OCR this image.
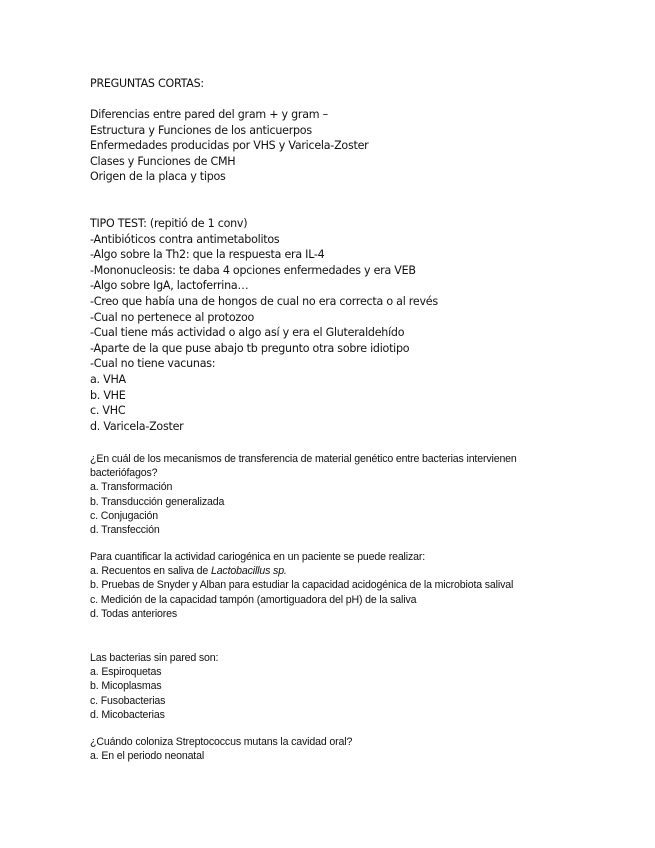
PREGUNTAS CORTAS:
Diferencias entre pared del gram + y gram –
Estructura y Funciones de los anticuerpos
Enfermedades producidas por VHS y Varicela-Zoster
Clases y Funciones de CMH
Origen de la placa y tipos
TIPO TEST: (repitió de 1 conv)
-Antibióticos contra antimetabolitos
-Algo sobre la Th2: que la respuesta era IL-4
-Mononucleosis: te daba 4 opciones enfermedades y era VEB
-Algo sobre IgA, lactoferrina…
-Creo que había una de hongos de cual no era correcta o al revés
-Cual no pertenece al protozoo
-Cual tiene más actividad o algo así y era el Gluteraldehído
-Aparte de la que puse abajo tb pregunto otra sobre idiotipo
-Cual no tiene vacunas:
a. VHA
b. VHE
c. VHC
d. Varicela-Zoster
¿En cuál de los mecanismos de transferencia de material genético entre bacterias intervienen bacteriófagos?
a. Transformación
b. Transducción generalizada
c. Conjugación
d. Transfección
Para cuantificar la actividad cariogénica en un paciente se puede realizar:
a. Recuentos en saliva de Lactobacillus sp.
b. Pruebas de Snyder y Alban para estudiar la capacidad acidogénica de la microbiota salival
c. Medición de la capacidad tampón (amortiguadora del pH) de la saliva
d. Todas anteriores
Las bacterias sin pared son:
a. Espiroquetas
b. Micoplasmas
c. Fusobacterias
d. Micobacterias
¿Cuándo coloniza Streptococcus mutans la cavidad oral?
a. En el periodo neonatal
